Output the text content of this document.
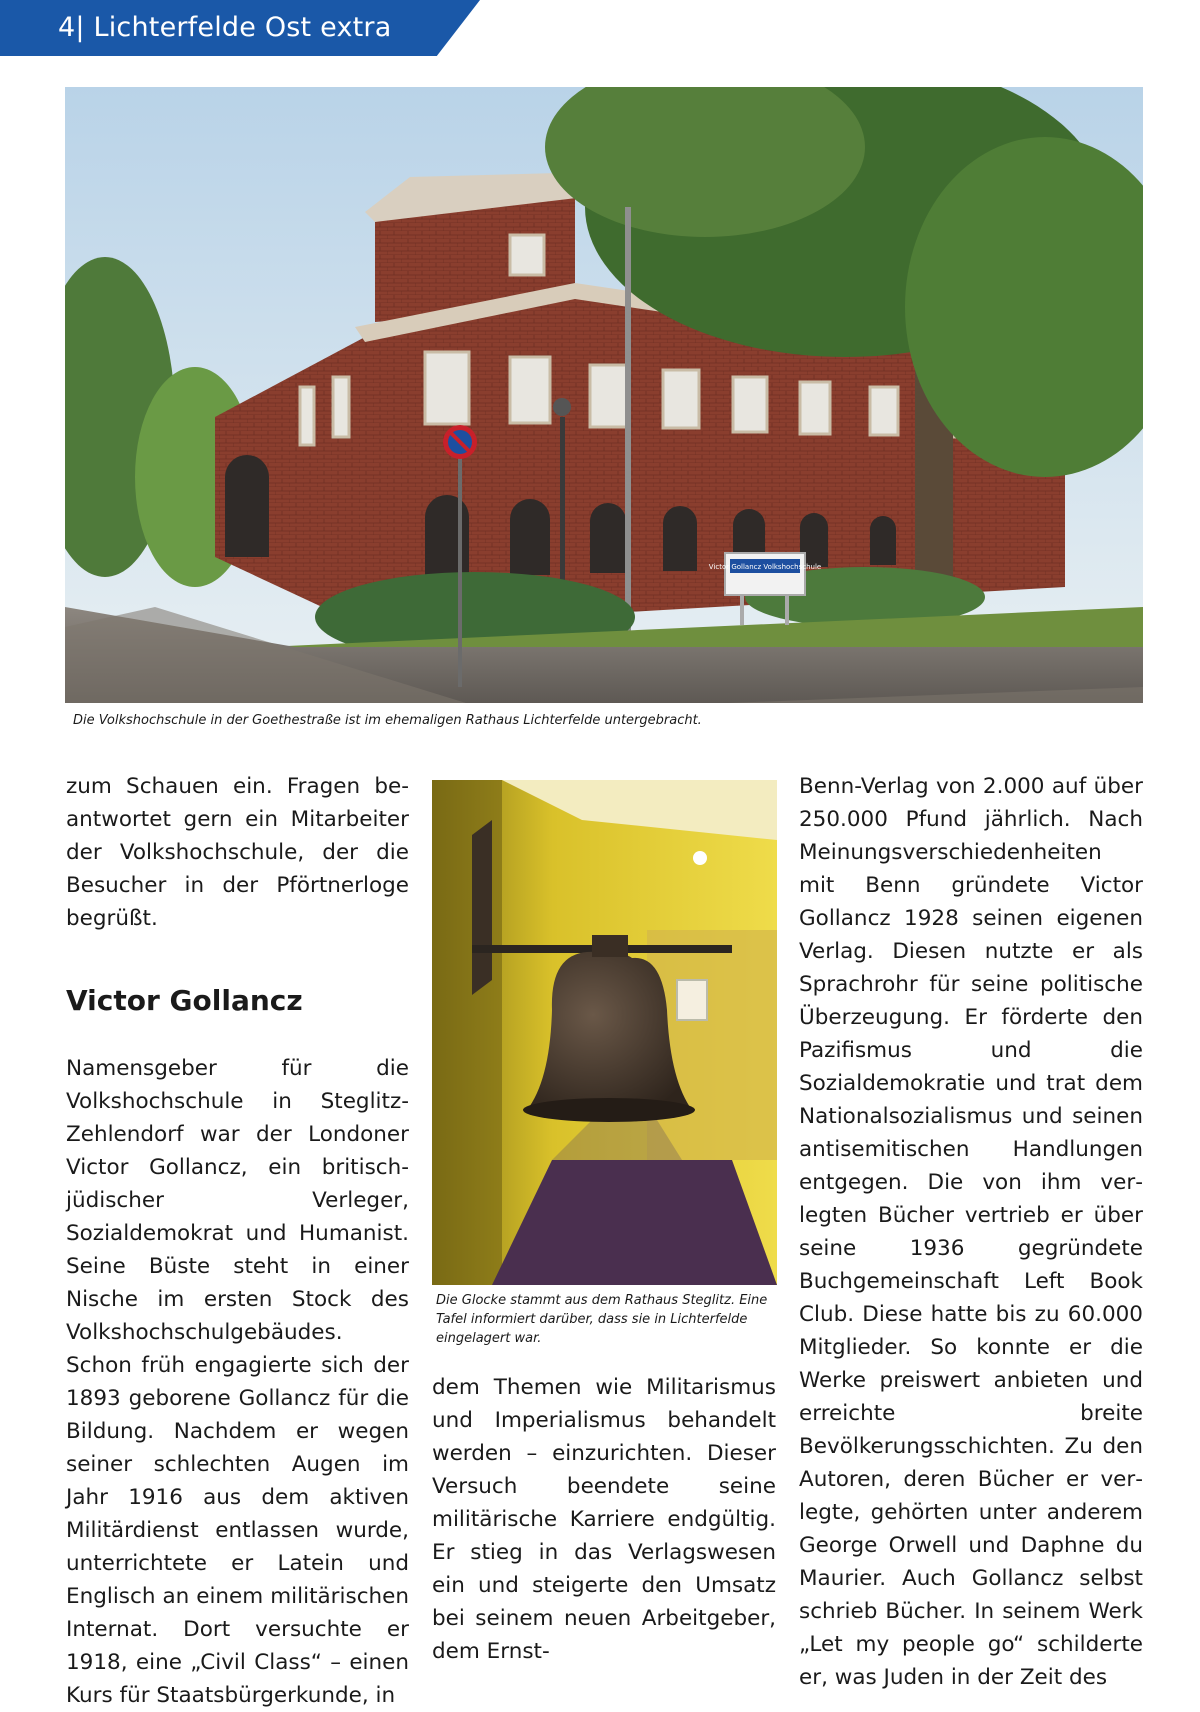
4| Lichterfelde Ost extra
Victor Gollancz Volkshochschule
Die Volkshochschule in der Goethestraße ist im ehemaligen Rathaus Lichterfelde untergebracht.

zum Schauen ein. Fragen beantwortet gern ein Mitarbeiter der Volkshochschule, der die Besucher in der Pförtnerloge begrüßt.

Victor Gollancz

Namensgeber für die Volkshochschule in Steglitz-Zehlendorf war der Londoner Victor Gollancz, ein britisch-jüdischer Verleger, Sozialdemokrat und Humanist. Seine Büste steht in einer Nische im ersten Stock des Volkshochschulgebäudes. Schon früh engagierte sich der 1893 geborene Gollancz für die Bildung. Nachdem er wegen seiner schlechten Augen im Jahr 1916 aus dem aktiven Militärdienst entlassen wurde, unterrichtete er Latein und Englisch an einem militärischen Internat. Dort versuchte er 1918, eine „Civil Class“ – einen Kurs für Staatsbürgerkunde, in

Die Glocke stammt aus dem Rathaus Steglitz. Eine Tafel informiert darüber, dass sie in Lichterfelde eingelagert war.

dem Themen wie Militarismus und Imperialismus behandelt werden – einzurichten. Dieser Versuch beendete seine militärische Karriere endgültig. Er stieg in das Verlagswesen ein und steigerte den Umsatz bei seinem neuen Arbeitgeber, dem Ernst-

Benn-Verlag von 2.000 auf über 250.000 Pfund jährlich. Nach Meinungsverschiedenheiten mit Benn gründete Victor Gollancz 1928 seinen eigenen Verlag. Diesen nutzte er als Sprachrohr für seine politische Überzeugung. Er förderte den Pazifismus und die Sozialdemokratie und trat dem Nationalsozialismus und seinen antisemitischen Handlungen entgegen. Die von ihm verlegten Bücher vertrieb er über seine 1936 gegründete Buchgemeinschaft Left Book Club. Diese hatte bis zu 60.000 Mitglieder. So konnte er die Werke preiswert anbieten und erreichte breite Bevölkerungsschichten. Zu den Autoren, deren Bücher er verlegte, gehörten unter anderem George Orwell und Daphne du Maurier. Auch Gollancz selbst schrieb Bücher. In seinem Werk „Let my people go“ schilderte er, was Juden in der Zeit des
